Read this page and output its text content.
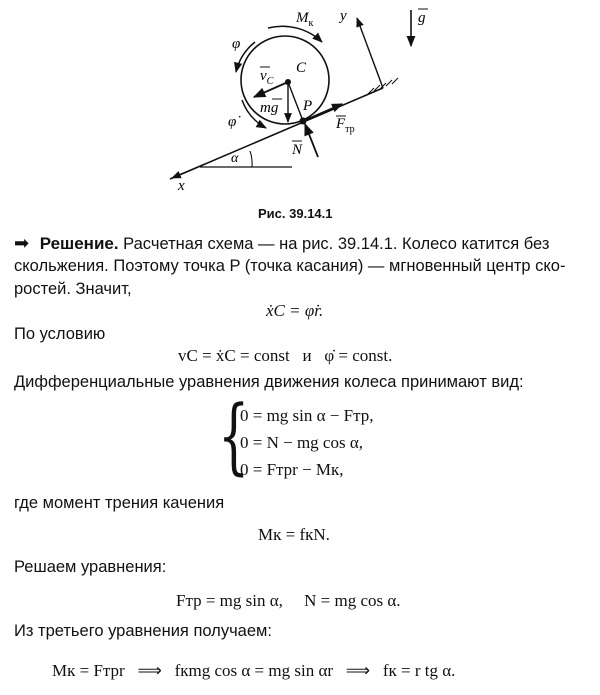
$M_к$ y	g
φ
$v_C$
C
mg P
φ̇	$F_{тр}$
N
α
x
Рис. 39.14.1
➡ Решение. Расчетная схема — на рис. 39.14.1. Колесо катится без
скольжения. Поэтому точка P (точка касания) — мгновенный центр ско-
ростей. Значит,
ẋC = φ̇r.
По условию
vC = ẋC = const   и   φ̇ = const.
Дифференциальные уравнения движения колеса принимают вид:
{
0 = mg sin α − Fтр,
0 = N − mg cos α,
0 = Fтрr − Mк,
где момент трения качения
Mк = fкN.
Решаем уравнения:
Fтр = mg sin α,     N = mg cos α.
Из третьего уравнения получаем:
Mк = Fтрr   ⟹   fкmg cos α = mg sin αr   ⟹   fк = r tg α.
